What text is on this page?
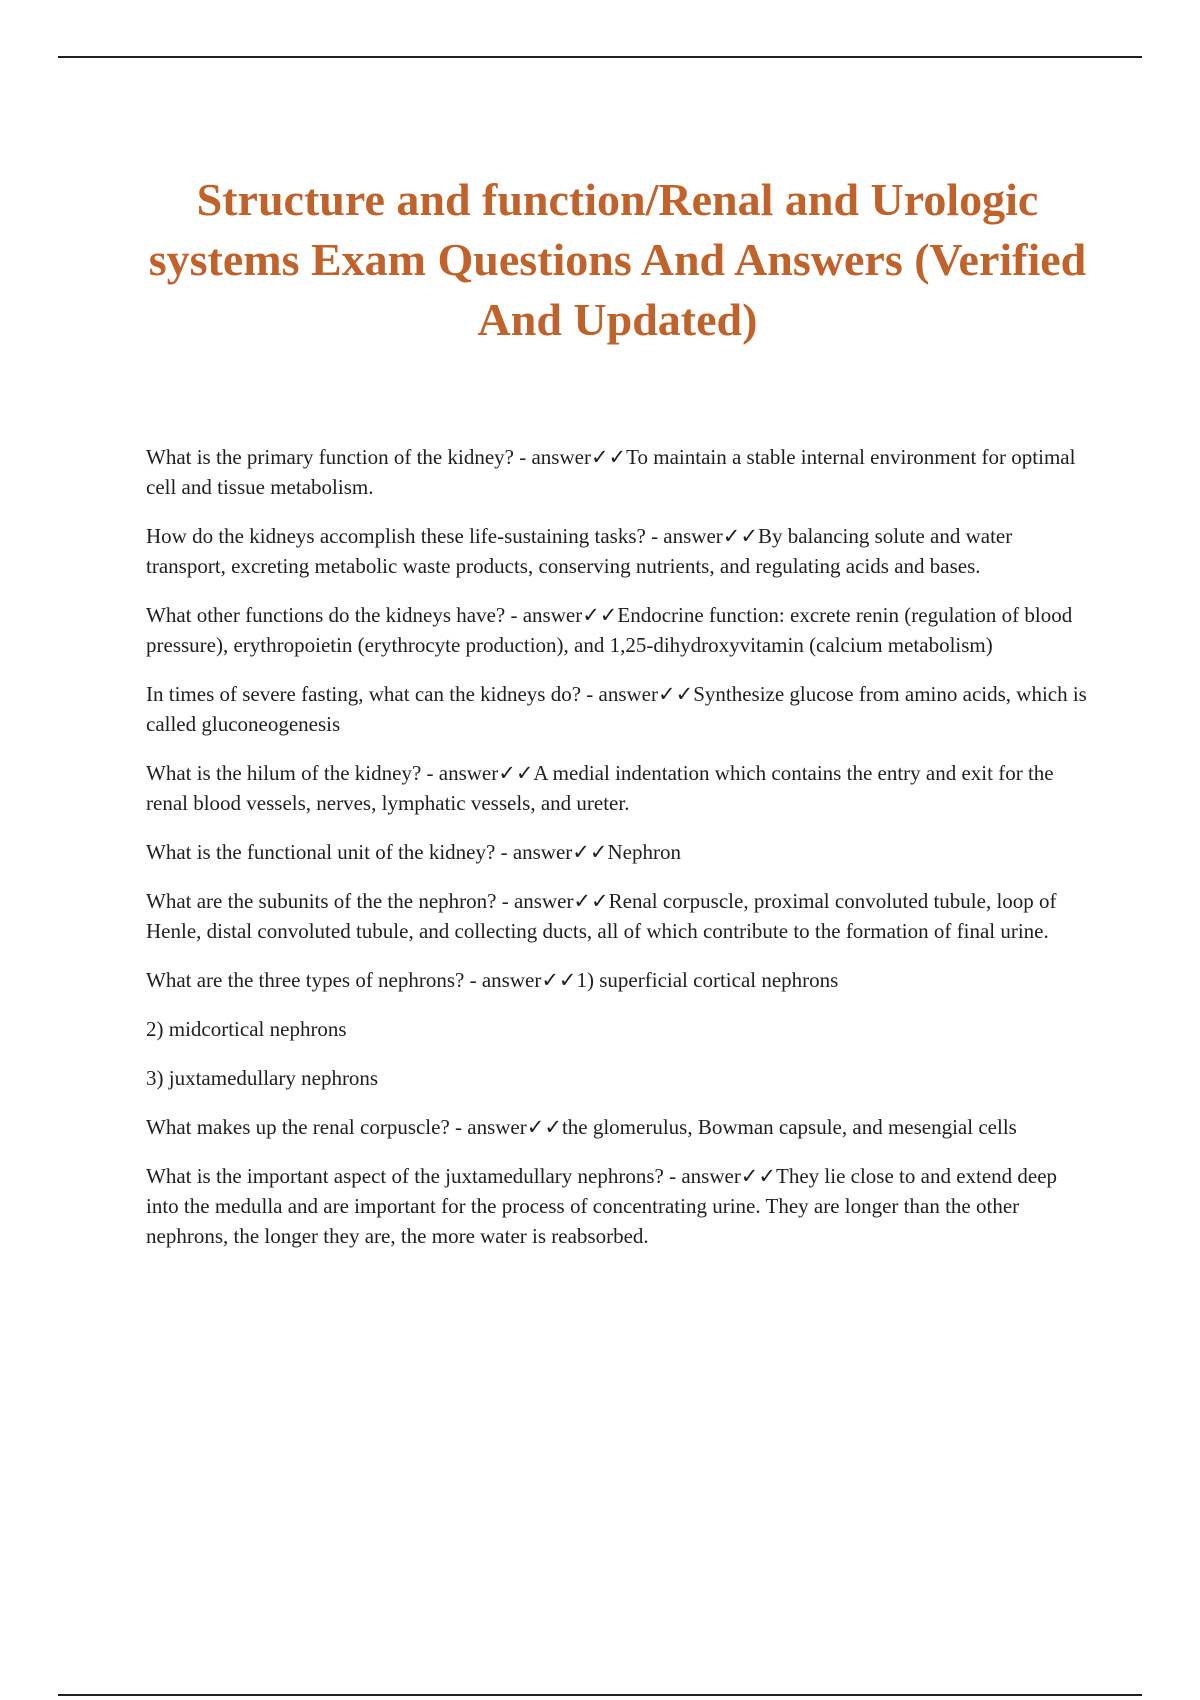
Structure and function/Renal and Urologic systems Exam Questions And Answers (Verified And Updated)

What is the primary function of the kidney? - answer✓✓To maintain a stable internal environment for optimal cell and tissue metabolism.

How do the kidneys accomplish these life-sustaining tasks? - answer✓✓By balancing solute and water transport, excreting metabolic waste products, conserving nutrients, and regulating acids and bases.

What other functions do the kidneys have? - answer✓✓Endocrine function: excrete renin (regulation of blood pressure), erythropoietin (erythrocyte production), and 1,25-dihydroxyvitamin (calcium metabolism)

In times of severe fasting, what can the kidneys do? - answer✓✓Synthesize glucose from amino acids, which is called gluconeogenesis

What is the hilum of the kidney? - answer✓✓A medial indentation which contains the entry and exit for the renal blood vessels, nerves, lymphatic vessels, and ureter.

What is the functional unit of the kidney? - answer✓✓Nephron

What are the subunits of the the nephron? - answer✓✓Renal corpuscle, proximal convoluted tubule, loop of Henle, distal convoluted tubule, and collecting ducts, all of which contribute to the formation of final urine.

What are the three types of nephrons? - answer✓✓1) superficial cortical nephrons

2) midcortical nephrons

3) juxtamedullary nephrons

What makes up the renal corpuscle? - answer✓✓the glomerulus, Bowman capsule, and mesengial cells

What is the important aspect of the juxtamedullary nephrons? - answer✓✓They lie close to and extend deep into the medulla and are important for the process of concentrating urine. They are longer than the other nephrons, the longer they are, the more water is reabsorbed.
